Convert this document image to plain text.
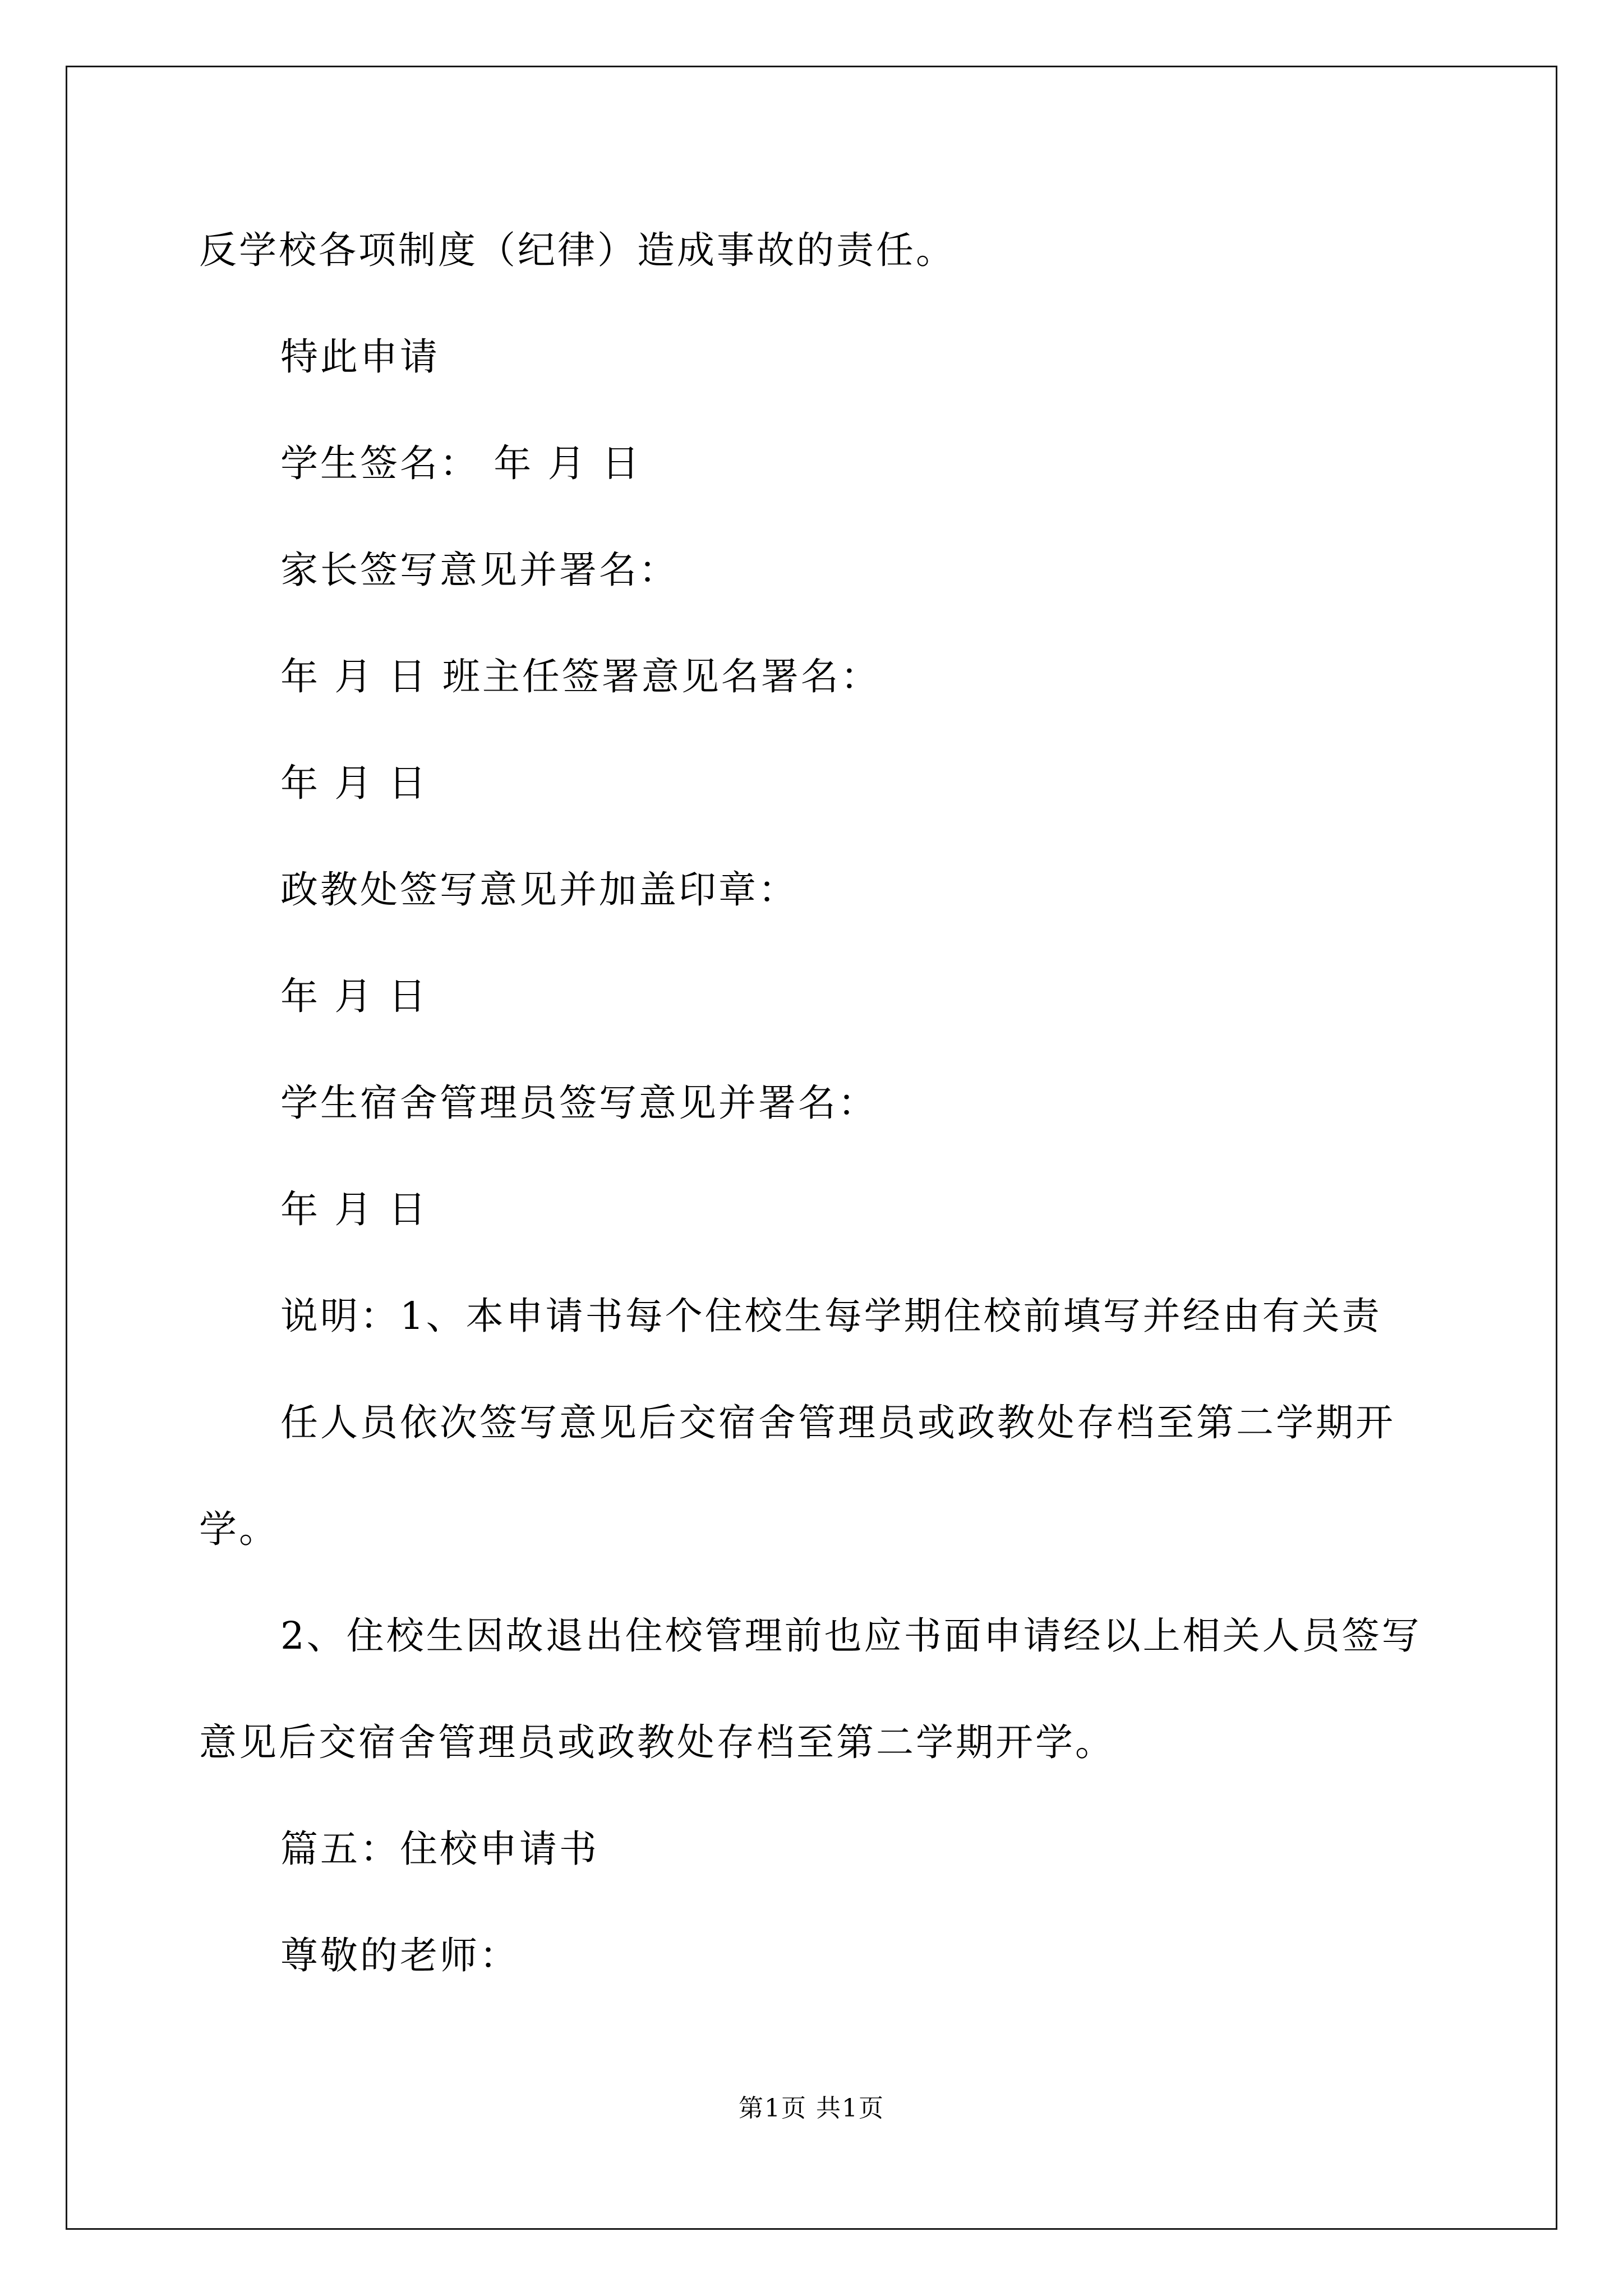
反学校各项制度（纪律）造成事故的责任。
特此申请
学生签名： 年 月 日
家长签写意见并署名：
年 月 日 班主任签署意见名署名：
年 月 日
政教处签写意见并加盖印章：
年 月 日
学生宿舍管理员签写意见并署名：
年 月 日
说明：1、本申请书每个住校生每学期住校前填写并经由有关责
任人员依次签写意见后交宿舍管理员或政教处存档至第二学期开
学。
2、住校生因故退出住校管理前也应书面申请经以上相关人员签写
意见后交宿舍管理员或政教处存档至第二学期开学。
篇五：住校申请书
尊敬的老师：
第1页 共1页
